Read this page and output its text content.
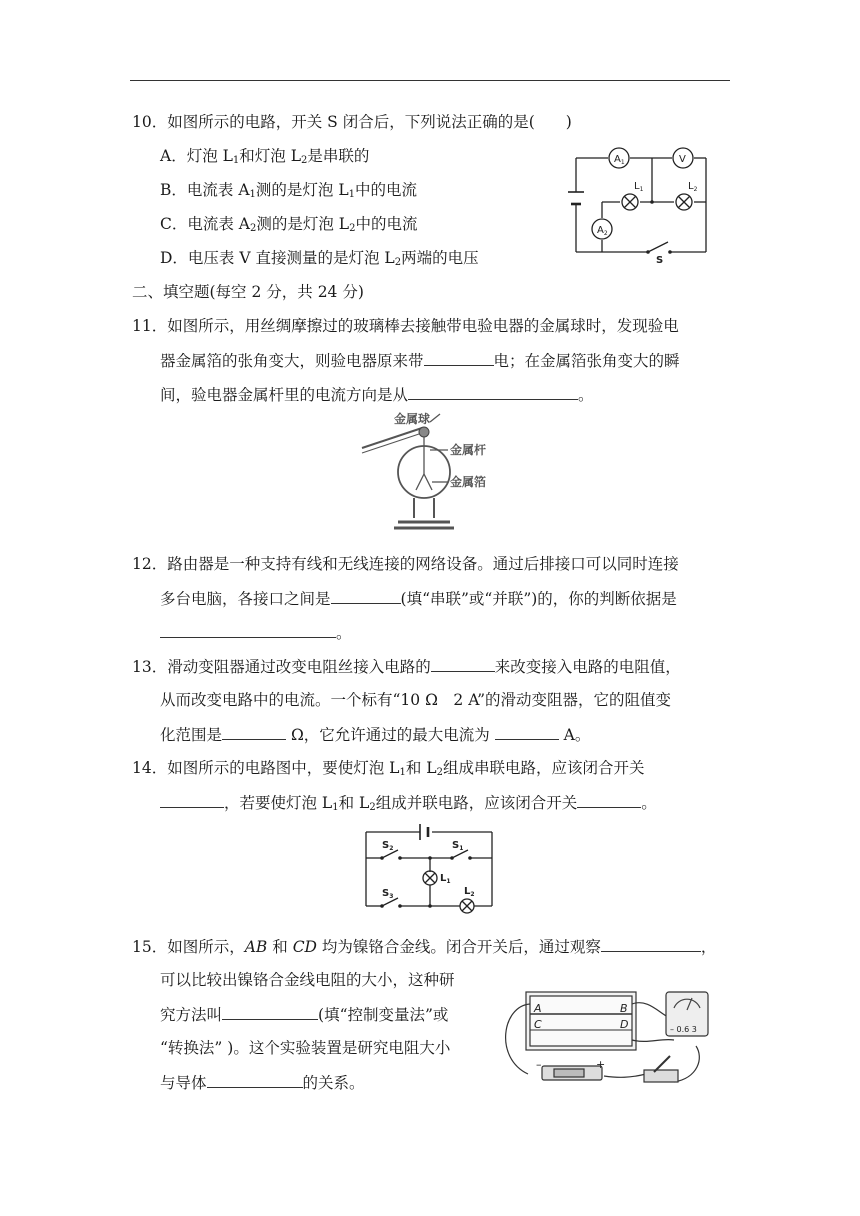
10．如图所示的电路，开关 S 闭合后，下列说法正确的是(　　)
A．灯泡 $L_1$和灯泡 $L_2$是串联的
B．电流表 $A_1$测的是灯泡 $L_1$中的电流
C．电流表 $A_2$测的是灯泡 $L_2$中的电流
D．电压表 V 直接测量的是灯泡 $L_2$两端的电压
$A_1$	V
$A_2$
$L_1$	$L_2$
S
二、填空题(每空 2 分，共 24 分)
11．如图所示，用丝绸摩擦过的玻璃棒去接触带电验电器的金属球时，发现验电
器金属箔的张角变大，则验电器原来带	电；在金属箔张角变大的瞬
间，验电器金属杆里的电流方向是从	。
金属球
金属杆
金属箔
12．路由器是一种支持有线和无线连接的网络设备。通过后排接口可以同时连接
多台电脑，各接口之间是	(填“串联”或“并联”)的，你的判断依据是
。
13．滑动变阻器通过改变电阻丝接入电路的	来改变接入电路的电阻值，
从而改变电路中的电流。一个标有“10 Ω　2 A”的滑动变阻器，它的阻值变
化范围是	Ω，它允许通过的最大电流为	A。
14．如图所示的电路图中，要使灯泡 $L_1$和 $L_2$组成串联电路，应该闭合开关
，若要使灯泡 $L_1$和 $L_2$组成并联电路，应该闭合开关	。
$S_2$	$S_1$
$S_3$
$L_1$
$L_2$
15．如图所示，AB 和 CD 均为镍铬合金线。闭合开关后，通过观察	，
可以比较出镍铬合金线电阻的大小，这种研
究方法叫	(填“控制变量法”或
“转换法” )。这个实验装置是研究电阻大小
与导体	的关系。
A	B
C	D	– 0.6 3
–	+
